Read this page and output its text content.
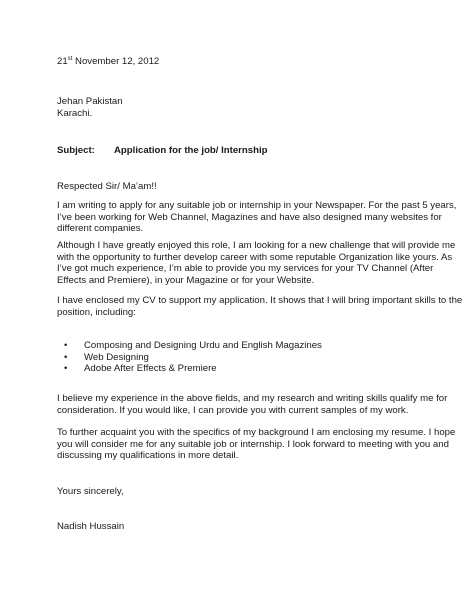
21st November 12, 2012
Jehan Pakistan
Karachi.
Subject: Application for the job/ Internship
Respected Sir/ Ma’am!!
I am writing to apply for any suitable job or internship in your Newspaper. For the past 5 years,
I’ve been working for Web Channel, Magazines and have also designed many websites for
different companies.
Although I have greatly enjoyed this role, I am looking for a new challenge that will provide me
with the opportunity to further develop career with some reputable Organization like yours. As
I’ve got much experience, I’m able to provide you my services for your TV Channel (After
Effects and Premiere), in your Magazine or for your Website.
I have enclosed my CV to support my application. It shows that I will bring important skills to the
position, including:
• Composing and Designing Urdu and English Magazines
• Web Designing
• Adobe After Effects & Premiere
I believe my experience in the above fields, and my research and writing skills qualify me for
consideration. If you would like, I can provide you with current samples of my work.
To further acquaint you with the specifics of my background I am enclosing my resume. I hope
you will consider me for any suitable job or internship. I look forward to meeting with you and
discussing my qualifications in more detail.
Yours sincerely,
Nadish Hussain
